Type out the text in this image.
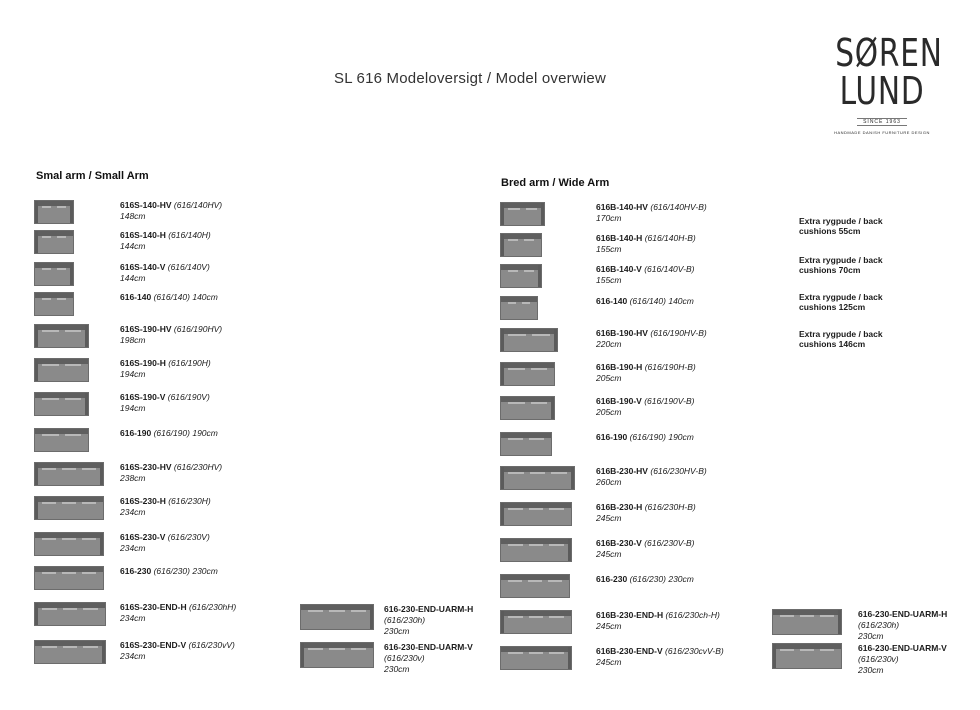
SL 616 Modeloversigt / Model overwiew
SØREN
LUND
SINCE 1963
HANDMADE DANISH FURNITURE DESIGN
Smal arm / Small Arm
Bred arm / Wide Arm
616S-140-HV (616/140HV)
148cm
616S-140-H (616/140H)
144cm
616S-140-V (616/140V)
144cm
616-140 (616/140) 140cm
616S-190-HV (616/190HV)
198cm
616S-190-H (616/190H)
194cm
616S-190-V (616/190V)
194cm
616-190 (616/190) 190cm
616S-230-HV (616/230HV)
238cm
616S-230-H (616/230H)
234cm
616S-230-V (616/230V)
234cm
616-230 (616/230) 230cm
616S-230-END-H (616/230hH)
234cm
616S-230-END-V (616/230vV)
234cm
616B-140-HV (616/140HV-B)
170cm
616B-140-H (616/140H-B)
155cm
616B-140-V (616/140V-B)
155cm
616-140 (616/140) 140cm
616B-190-HV (616/190HV-B)
220cm
616B-190-H (616/190H-B)
205cm
616B-190-V (616/190V-B)
205cm
616-190 (616/190) 190cm
616B-230-HV (616/230HV-B)
260cm
616B-230-H (616/230H-B)
245cm
616B-230-V (616/230V-B)
245cm
616-230 (616/230) 230cm
616B-230-END-H (616/230ch-H)
245cm
616B-230-END-V (616/230cvV-B)
245cm
616-230-END-UARM-H
(616/230h)
230cm
616-230-END-UARM-V
(616/230v)
230cm
616-230-END-UARM-H
(616/230h)
230cm
616-230-END-UARM-V
(616/230v)
230cm
Extra rygpude / back
cushions 55cm
Extra rygpude / back
cushions 70cm
Extra rygpude / back
cushions 125cm
Extra rygpude / back
cushions 146cm
